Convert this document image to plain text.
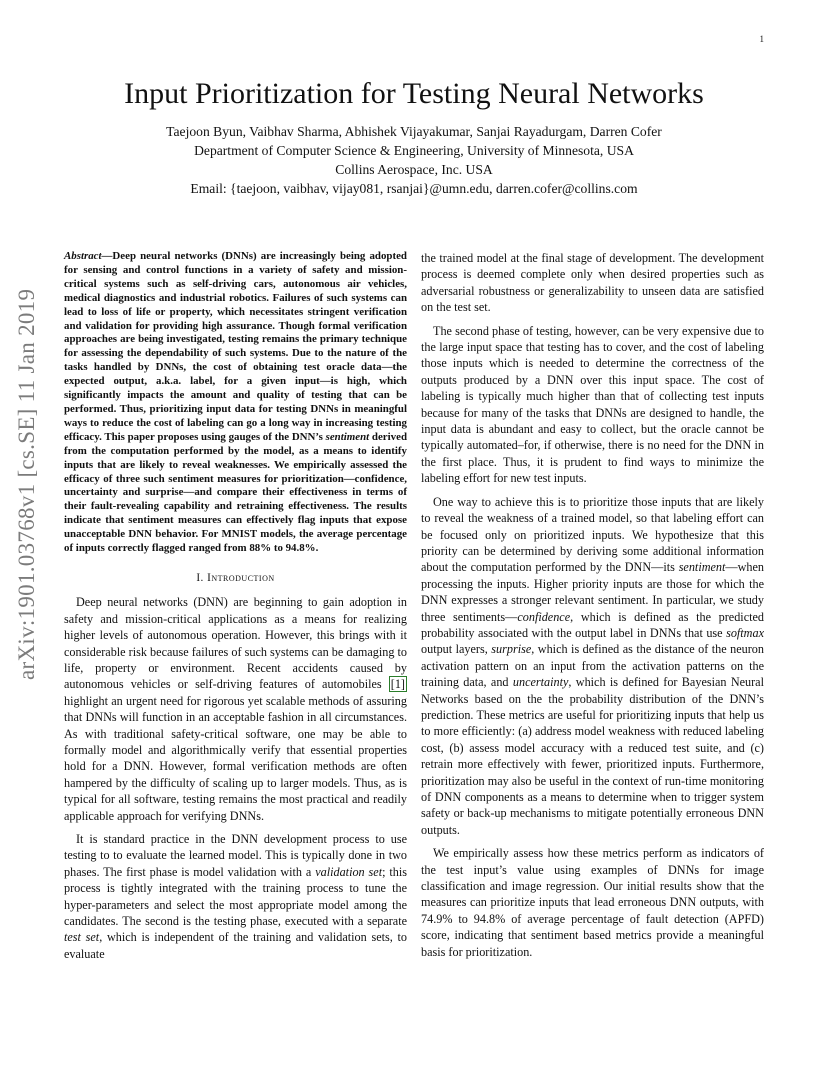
1
arXiv:1901.03768v1 [cs.SE] 11 Jan 2019
Input Prioritization for Testing Neural Networks
Taejoon Byun, Vaibhav Sharma, Abhishek Vijayakumar, Sanjai Rayadurgam, Darren Cofer
Department of Computer Science & Engineering, University of Minnesota, USA
Collins Aerospace, Inc. USA
Email: {taejoon, vaibhav, vijay081, rsanjai}@umn.edu, darren.cofer@collins.com
Abstract—Deep neural networks (DNNs) are increasingly being adopted for sensing and control functions in a variety of safety and mission-critical systems such as self-driving cars, autonomous air vehicles, medical diagnostics and industrial robotics. Failures of such systems can lead to loss of life or property, which necessitates stringent verification and validation for providing high assurance. Though formal verification approaches are being investigated, testing remains the primary technique for assessing the dependability of such systems. Due to the nature of the tasks handled by DNNs, the cost of obtaining test oracle data—the expected output, a.k.a. label, for a given input—is high, which significantly impacts the amount and quality of testing that can be performed. Thus, prioritizing input data for testing DNNs in meaningful ways to reduce the cost of labeling can go a long way in increasing testing efficacy. This paper proposes using gauges of the DNN’s sentiment derived from the computation performed by the model, as a means to identify inputs that are likely to reveal weaknesses. We empirically assessed the efficacy of three such sentiment measures for prioritization—confidence, uncertainty and surprise—and compare their effectiveness in terms of their fault-revealing capability and retraining effectiveness. The results indicate that sentiment measures can effectively flag inputs that expose unacceptable DNN behavior. For MNIST models, the average percentage of inputs correctly flagged ranged from 88% to 94.8%.
I. Introduction

Deep neural networks (DNN) are beginning to gain adoption in safety and mission-critical applications as a means for realizing higher levels of autonomous operation. However, this brings with it considerable risk because failures of such systems can be damaging to life, property or environment. Recent accidents caused by autonomous vehicles or self-driving features of automobiles [1] highlight an urgent need for rigorous yet scalable methods of assuring that DNNs will function in an acceptable fashion in all circumstances. As with traditional safety-critical software, one may be able to formally model and algorithmically verify that essential properties hold for a DNN. However, formal verification methods are often hampered by the difficulty of scaling up to larger models. Thus, as is typical for all software, testing remains the most practical and readily applicable approach for verifying DNNs.

It is standard practice in the DNN development process to use testing to to evaluate the learned model. This is typically done in two phases. The first phase is model validation with a validation set; this process is tightly integrated with the training process to tune the hyper-parameters and select the most appropriate model among the candidates. The second is the testing phase, executed with a separate test set, which is independent of the training and validation sets, to evaluate

the trained model at the final stage of development. The development process is deemed complete only when desired properties such as adversarial robustness or generalizability to unseen data are satisfied on the test set.

The second phase of testing, however, can be very expensive due to the large input space that testing has to cover, and the cost of labeling those inputs which is needed to determine the correctness of the outputs produced by a DNN over this input space. The cost of labeling is typically much higher than that of collecting test inputs because for many of the tasks that DNNs are designed to handle, the input data is abundant and easy to collect, but the oracle cannot be typically automated–for, if otherwise, there is no need for the DNN in the first place. Thus, it is prudent to find ways to minimize the labeling effort for new test inputs.

One way to achieve this is to prioritize those inputs that are likely to reveal the weakness of a trained model, so that labeling effort can be focused only on prioritized inputs. We hypothesize that this priority can be determined by deriving some additional information about the computation performed by the DNN—its sentiment—when processing the inputs. Higher priority inputs are those for which the DNN expresses a stronger relevant sentiment. In particular, we study three sentiments—confidence, which is defined as the predicted probability associated with the output label in DNNs that use softmax output layers, surprise, which is defined as the distance of the neuron activation pattern on an input from the activation patterns on the training data, and uncertainty, which is defined for Bayesian Neural Networks based on the the probability distribution of the DNN’s prediction. These metrics are useful for prioritizing inputs that help us to more efficiently: (a) address model weakness with reduced labeling cost, (b) assess model accuracy with a reduced test suite, and (c) retrain more effectively with fewer, prioritized inputs. Furthermore, prioritization may also be useful in the context of run-time monitoring of DNN components as a means to determine when to trigger system safety or back-up mechanisms to mitigate potentially erroneous DNN outputs.

We empirically assess how these metrics perform as indicators of the test input’s value using examples of DNNs for image classification and image regression. Our initial results show that the measures can prioritize inputs that lead erroneous DNN outputs, with 74.9% to 94.8% of average percentage of fault detection (APFD) score, indicating that sentiment based metrics provide a meaningful basis for prioritization.
